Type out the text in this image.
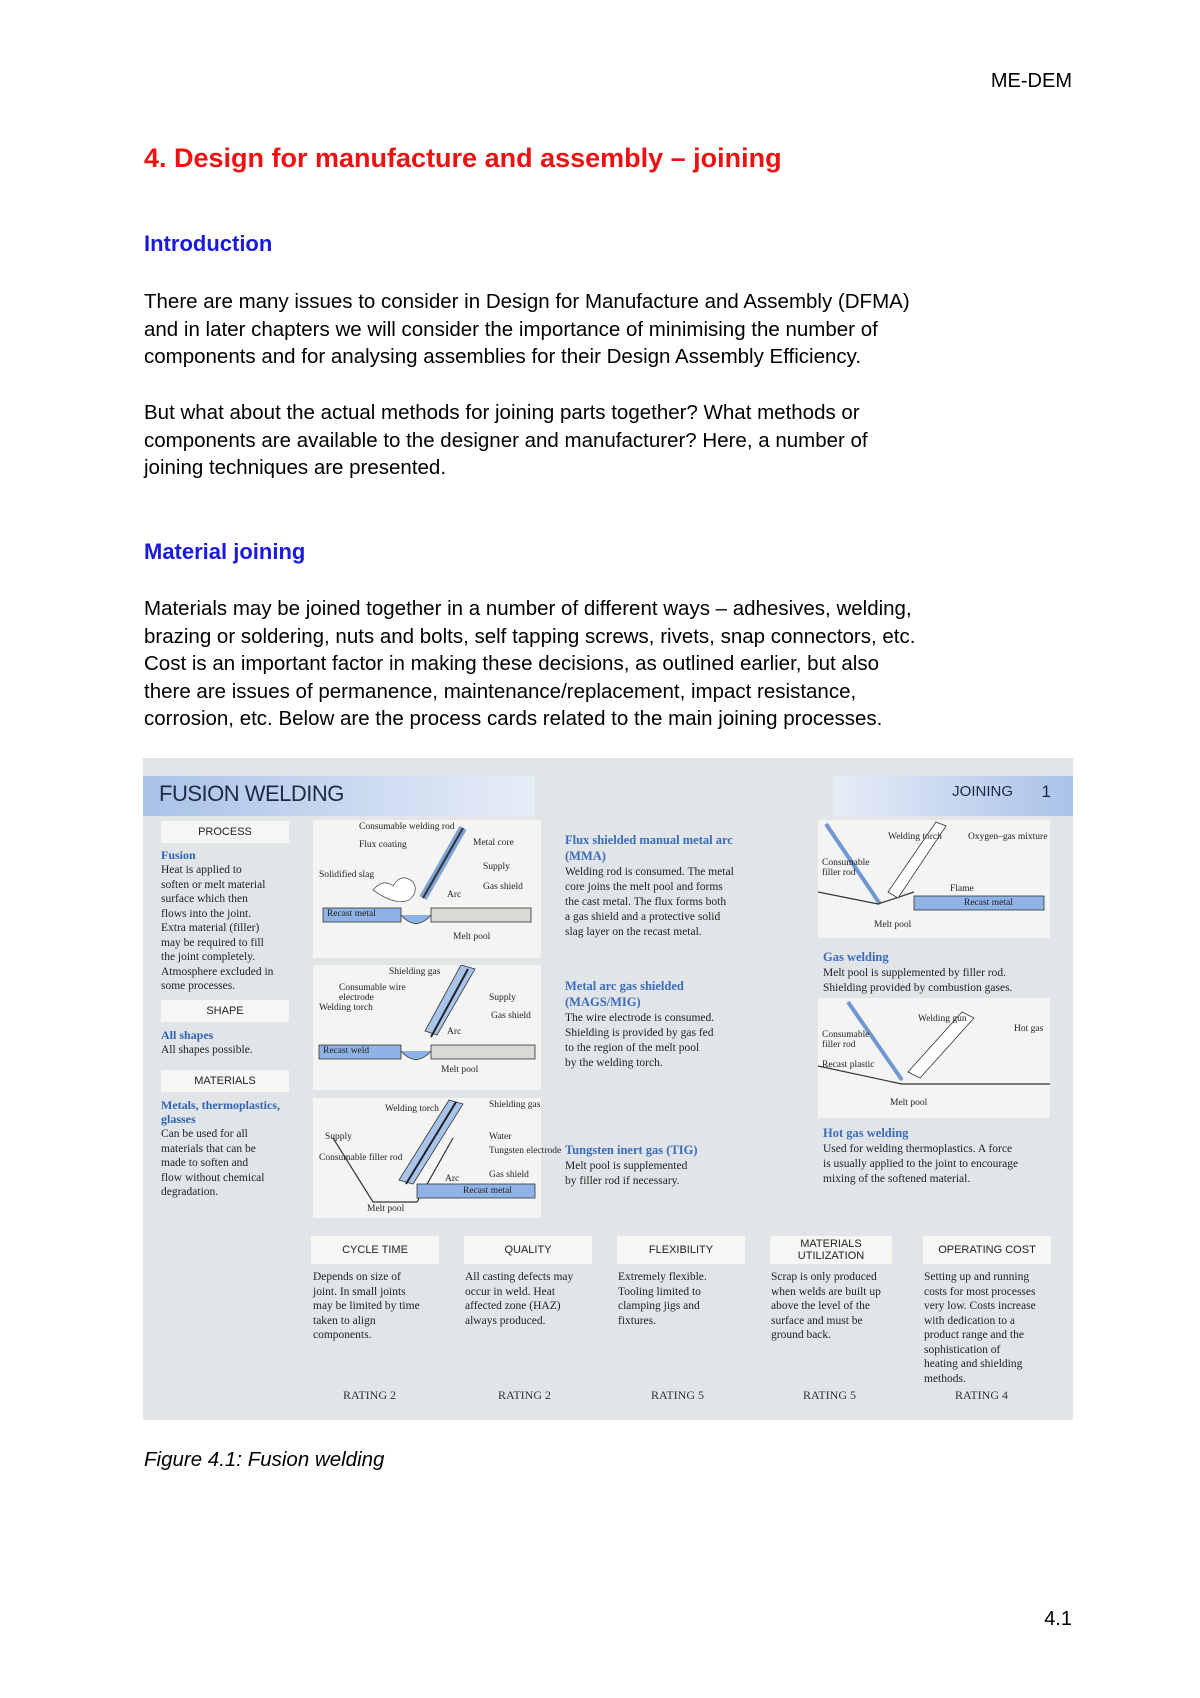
ME-DEM
4. Design for manufacture and assembly – joining
Introduction

There are many issues to consider in Design for Manufacture and Assembly (DFMA)
and in later chapters we will consider the importance of minimising the number of
components and for analysing assemblies for their Design Assembly Efficiency.

But what about the actual methods for joining parts together? What methods or
components are available to the designer and manufacturer? Here, a number of
joining techniques are presented.

Material joining

Materials may be joined together in a number of different ways – adhesives, welding,
brazing or soldering, nuts and bolts, self tapping screws, rivets, snap connectors, etc.
Cost is an important factor in making these decisions, as outlined earlier, but also
there are issues of permanence, maintenance/replacement, impact resistance,
corrosion, etc. Below are the process cards related to the main joining processes.

FUSION WELDING	JOINING 1
PROCESS
Fusion
Heat is applied to
soften or melt material
surface which then
flows into the joint.
Extra material (filler)
may be required to fill
the joint completely.
Atmosphere excluded in
some processes.
SHAPE
All shapes
All shapes possible.
MATERIALS
Metals, thermoplastics,
glasses
Can be used for all
materials that can be
made to soften and
flow without chemical
degradation.
Consumable welding rod
Flux coating	Metal core
Supply
Solidified slag
Gas shield
Arc
Recast metal
Melt pool
Flux shielded manual metal arc
(MMA)
Welding rod is consumed. The metal
core joins the melt pool and forms
the cast metal. The flux forms both
a gas shield and a protective solid
slag layer on the recast metal.
Shielding gas
Consumable wire electrode	Supply
Welding torch
Gas shield
Arc
Recast weld
Melt pool
Metal arc gas shielded
(MAGS/MIG)
The wire electrode is consumed.
Shielding is provided by gas fed
to the region of the melt pool
by the welding torch.
Welding torch	Shielding gas
Supply	Water
Tungsten electrode
Consumable filler rod
Gas shield
Arc
Recast metal
Melt pool
Tungsten inert gas (TIG)
Melt pool is supplemented
by filler rod if necessary.
Welding torch	Oxygen–gas mixture
Consumable filler rod
Flame
Recast metal
Melt pool
Gas welding
Melt pool is supplemented by filler rod.
Shielding provided by combustion gases.
Welding gun
Hot gas
Consumable filler rod
Recast plastic
Melt pool
Hot gas welding
Used for welding thermoplastics. A force
is usually applied to the joint to encourage
mixing of the softened material.
CYCLE TIME
Depends on size of
joint. In small joints
may be limited by time
taken to align
components.
RATING 2
QUALITY
All casting defects may
occur in weld. Heat
affected zone (HAZ)
always produced.
RATING 2
FLEXIBILITY
Extremely flexible.
Tooling limited to
clamping jigs and
fixtures.
RATING 5
MATERIALS UTILIZATION
Scrap is only produced
when welds are built up
above the level of the
surface and must be
ground back.
RATING 5
OPERATING COST
Setting up and running
costs for most processes
very low. Costs increase
with dedication to a
product range and the
sophistication of
heating and shielding
methods.
RATING 4
Figure 4.1: Fusion welding
4.1
